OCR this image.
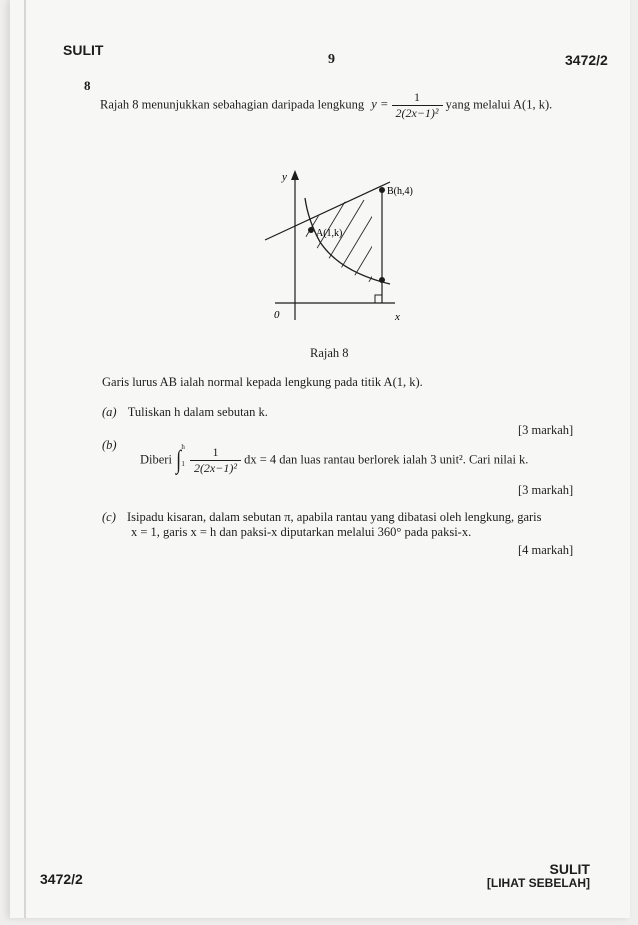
SULIT
9	3472/2
8
Rajah 8 menunjukkan sebahagian daripada lengkung $y = \frac{1}{\text{2(2x−1)²}}$ yang melalui A(1, k).
y
x
0
B(h,4)
A(1,k)
Rajah 8
Garis lurus AB ialah normal kepada lengkung pada titik A(1, k).
(a) Tuliskan h dalam sebutan k.
[3 markah]
(b)
Diberi ∫ h
1
$\frac{1}{\text{2(2x−1)²}}$ dx = 4 dan luas rantau berlorek ialah 3 unit². Cari nilai k.
[3 markah]
(c) Isipadu kisaran, dalam sebutan π, apabila rantau yang dibatasi oleh lengkung, garis
x = 1, garis x = h dan paksi-x diputarkan melalui 360° pada paksi-x.
[4 markah]
3472/2
SULIT
[LIHAT SEBELAH]
